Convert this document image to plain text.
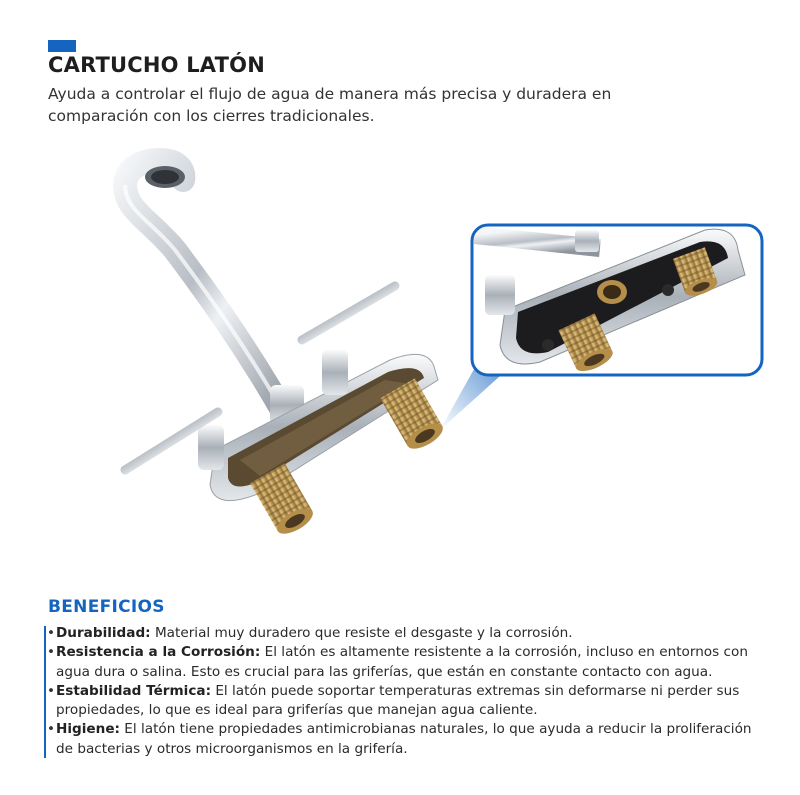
CARTUCHO LATÓN

Ayuda a controlar el flujo de agua de manera más precisa y duradera en comparación con los cierres tradicionales.

BENEFICIOS
• Durabilidad: Material muy duradero que resiste el desgaste y la corrosión.
• Resistencia a la Corrosión: El latón es altamente resistente a la corrosión, incluso en entornos con agua dura o salina. Esto es crucial para las griferías, que están en constante contacto con agua.
• Estabilidad Térmica: El latón puede soportar temperaturas extremas sin deformarse ni perder sus propiedades, lo que es ideal para griferías que manejan agua caliente.
• Higiene: El latón tiene propiedades antimicrobianas naturales, lo que ayuda a reducir la proliferación de bacterias y otros microorganismos en la grifería.
